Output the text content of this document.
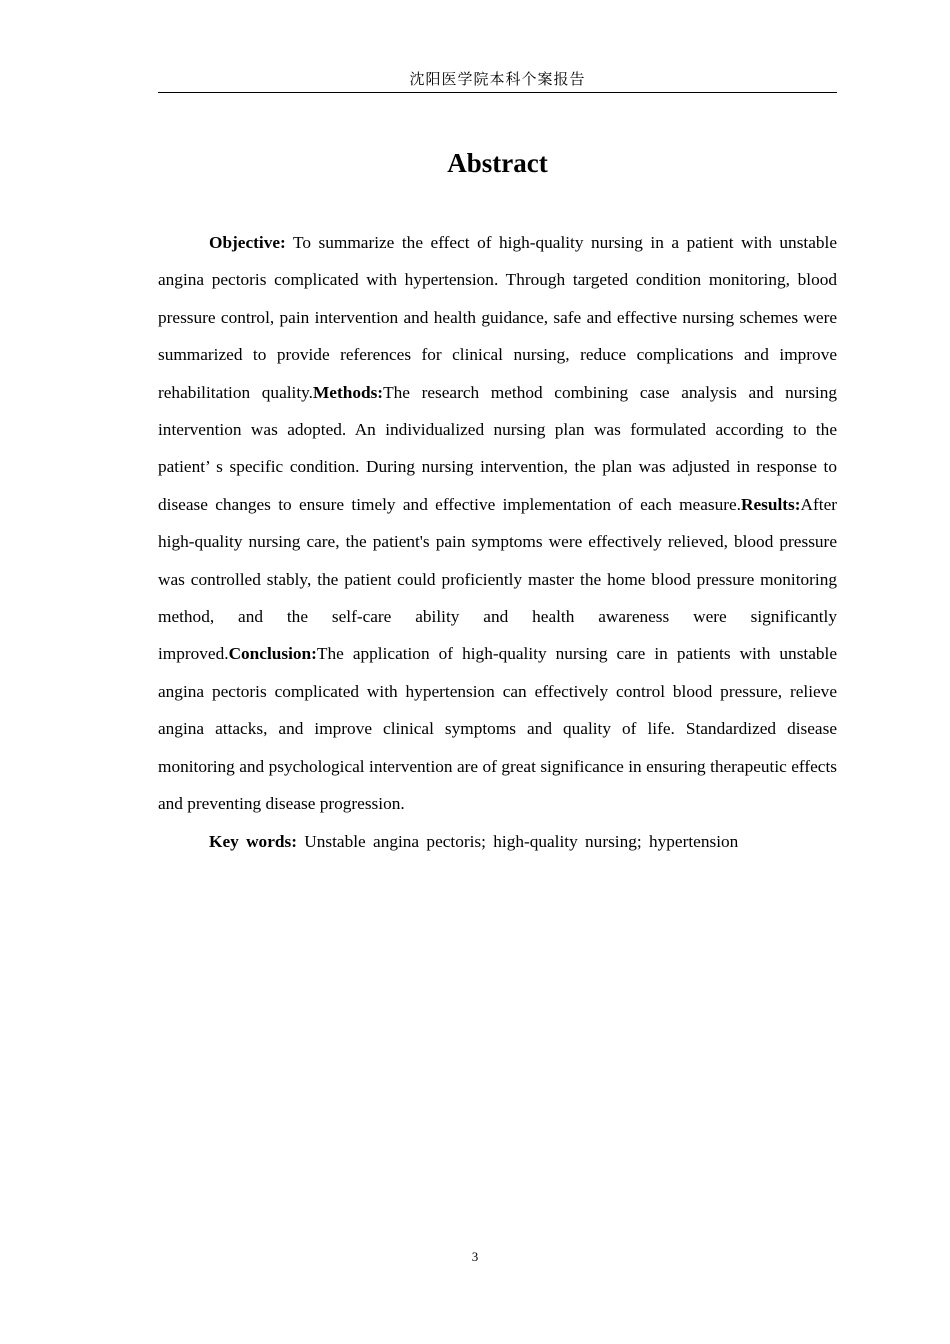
沈阳医学院本科个案报告
Abstract

Objective: To summarize the effect of high-quality nursing in a patient with unstable angina pectoris complicated with hypertension. Through targeted condition monitoring, blood pressure control, pain intervention and health guidance, safe and effective nursing schemes were summarized to provide references for clinical nursing, reduce complications and improve rehabilitation quality.Methods:The research method combining case analysis and nursing intervention was adopted. An individualized nursing plan was formulated according to the patient’ s specific condition. During nursing intervention, the plan was adjusted in response to disease changes to ensure timely and effective implementation of each measure.Results:After high-quality nursing care, the patient's pain symptoms were effectively relieved, blood pressure was controlled stably, the patient could proficiently master the home blood pressure monitoring method, and the self-care ability and health awareness were significantly improved.Conclusion:The application of high-quality nursing care in patients with unstable angina pectoris complicated with hypertension can effectively control blood pressure, relieve angina attacks, and improve clinical symptoms and quality of life. Standardized disease monitoring and psychological intervention are of great significance in ensuring therapeutic effects and preventing disease progression.

Key words: Unstable angina pectoris; high-quality nursing; hypertension

3
